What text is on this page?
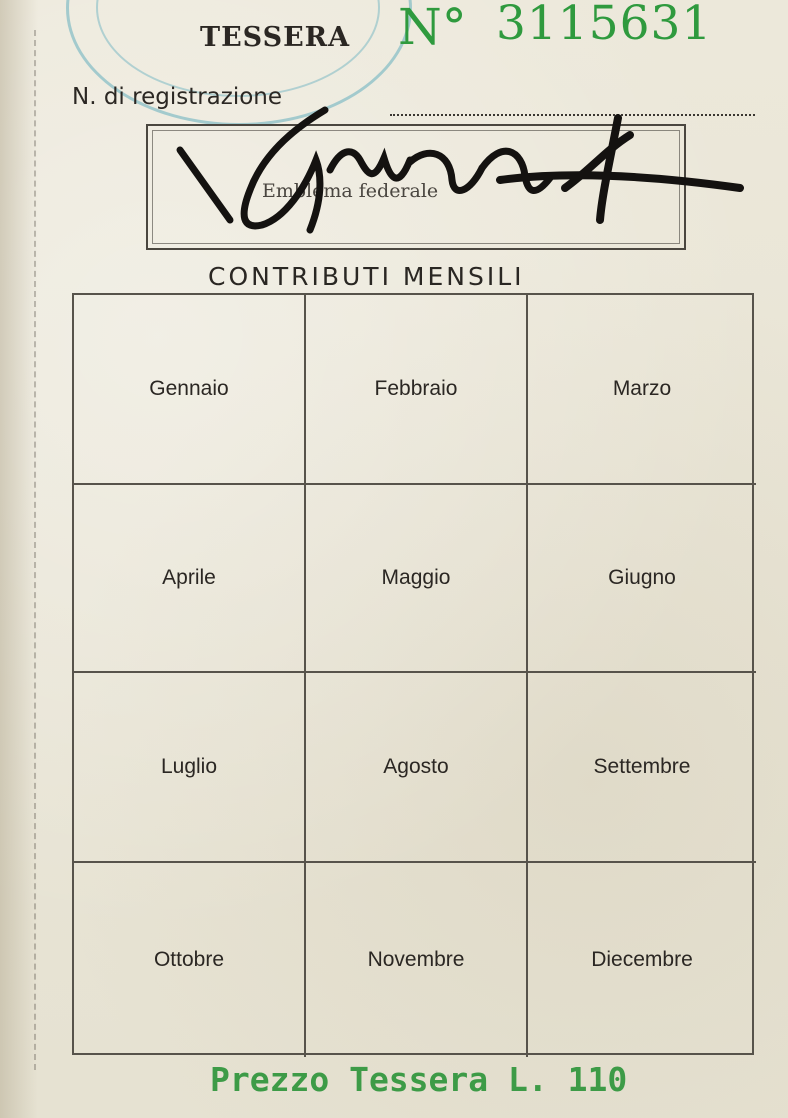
TESSERA N° 3115631
N. di registrazione
Emblema federale
CONTRIBUTI MENSILI
Gennaio	Febbraio	Marzo
Aprile	Maggio	Giugno
Luglio	Agosto	Settembre
Ottobre	Novembre	Diecembre
Prezzo Tessera L. 110
